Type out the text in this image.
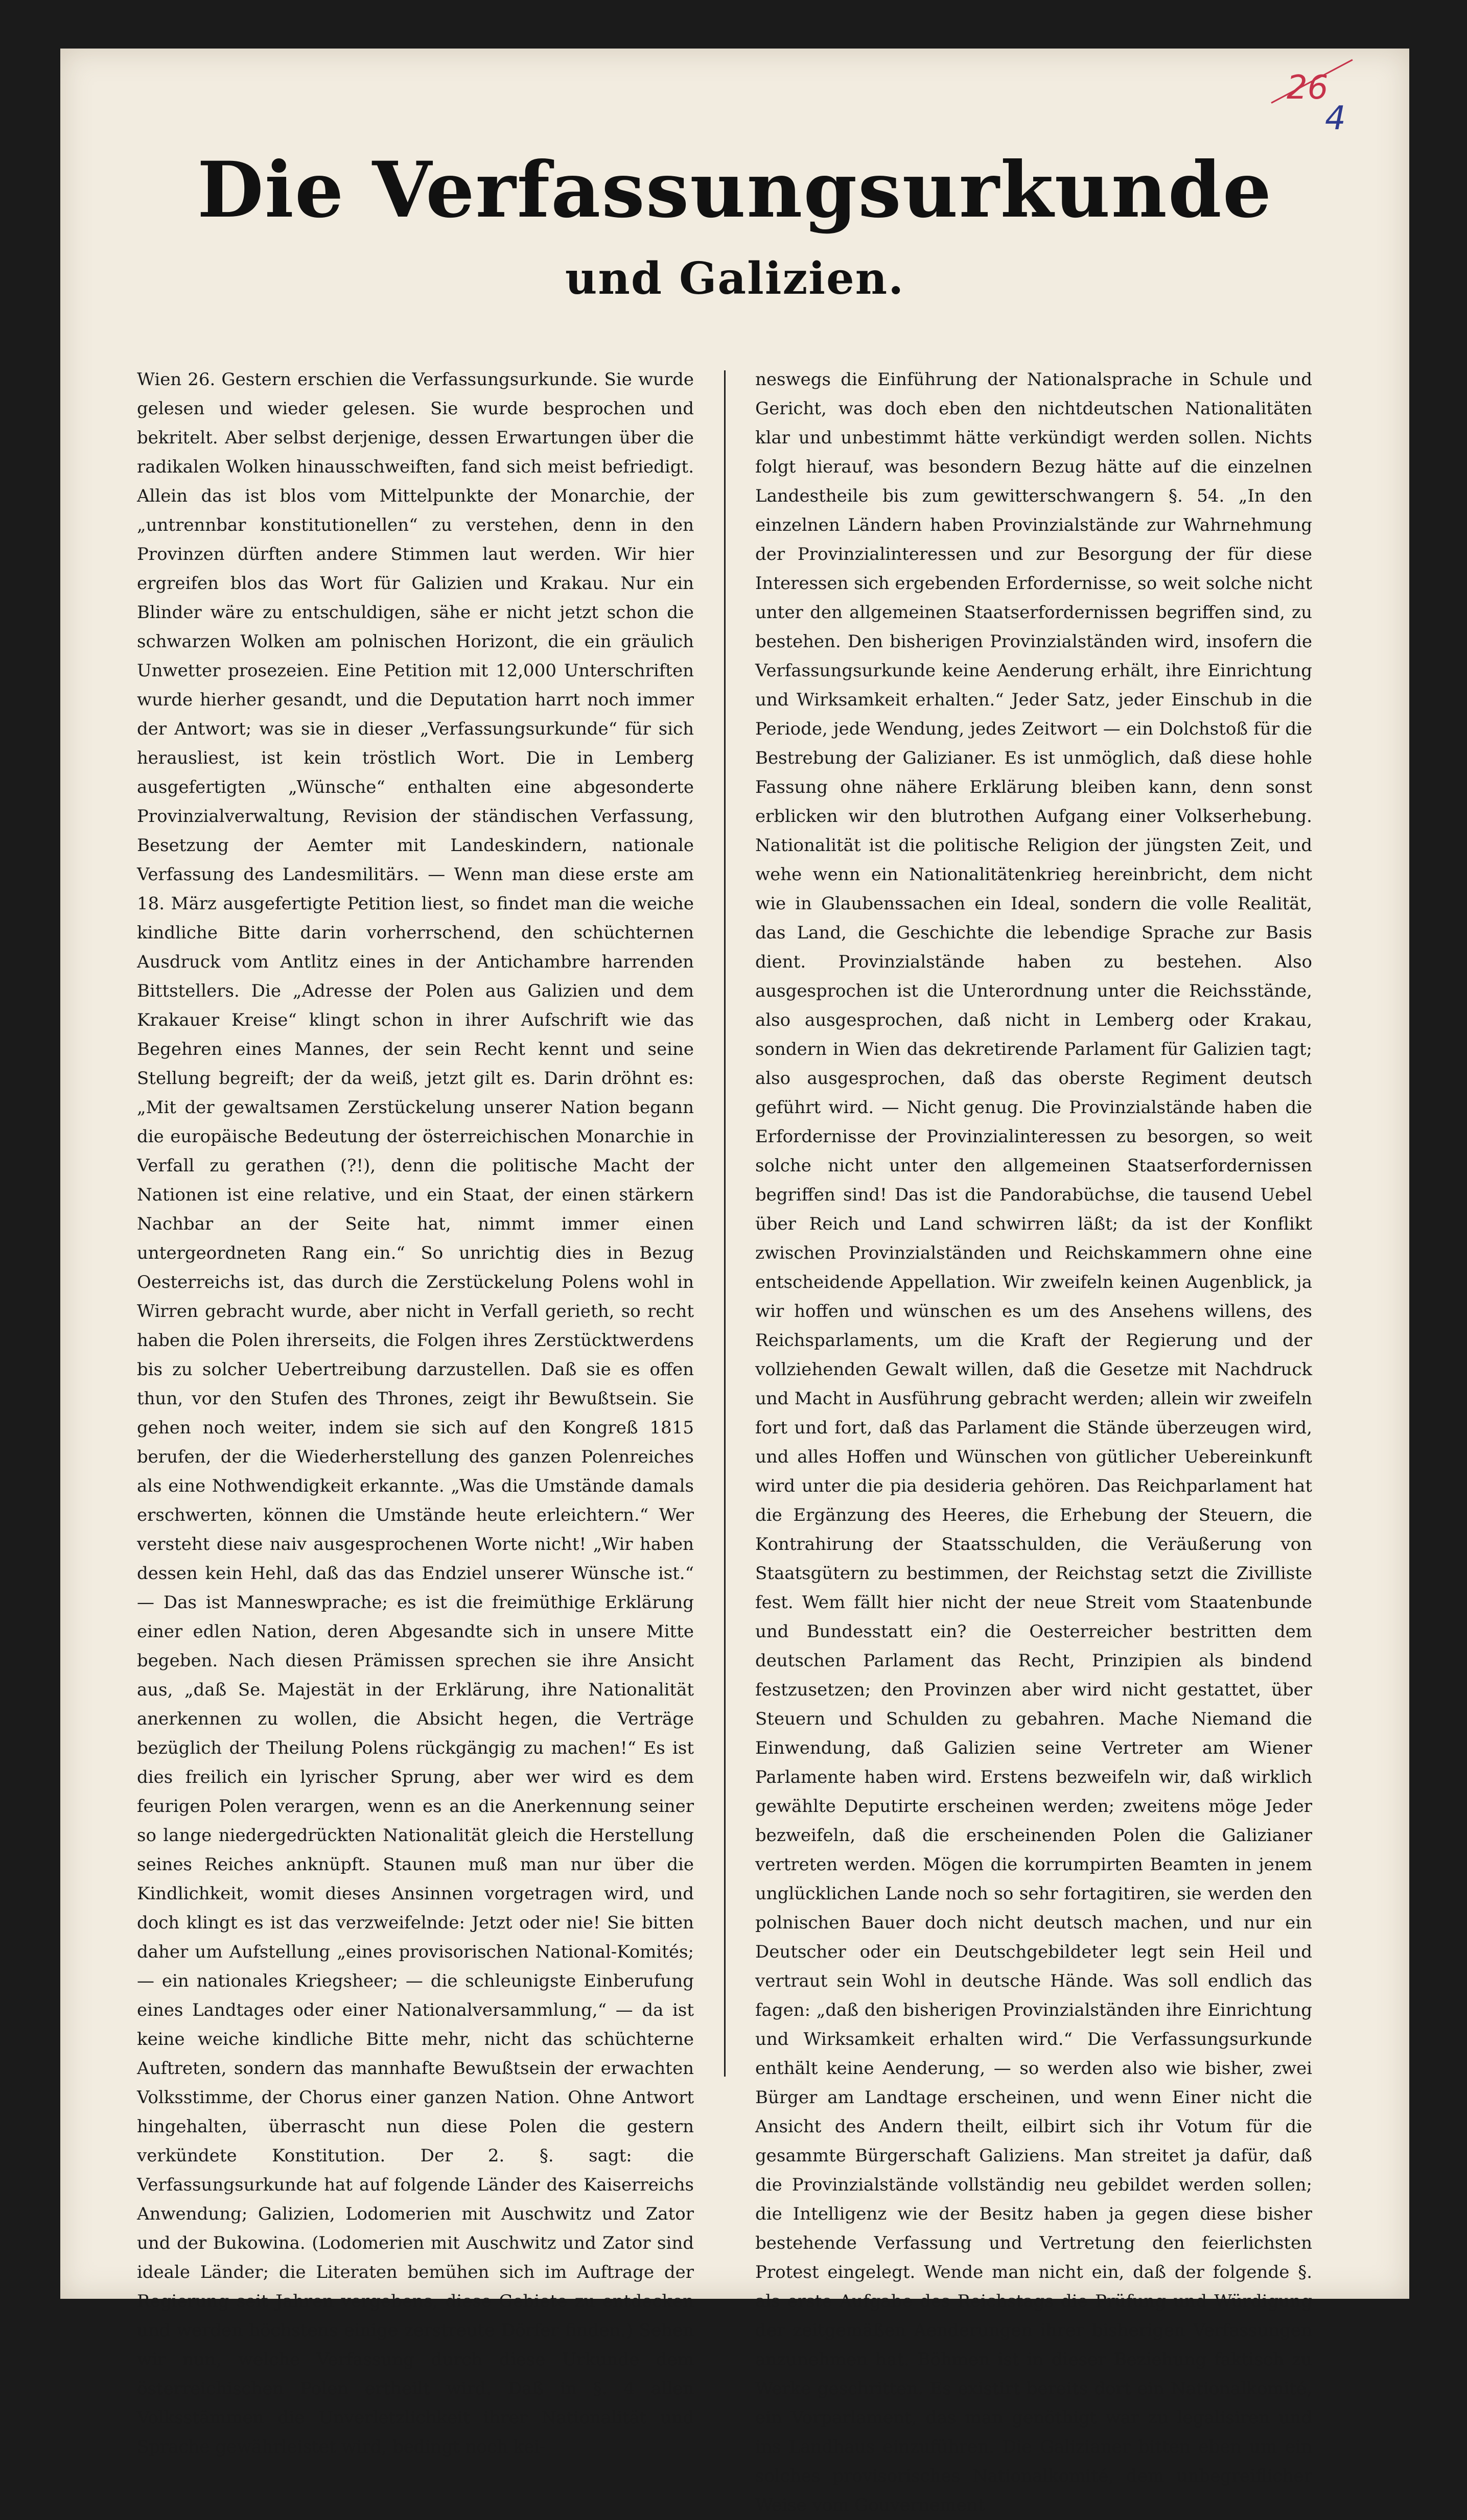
26
4
Die Verfassungsurkunde
und Galizien.
Wien 26. Gestern erschien die Verfassungsurkunde. Sie wurde gelesen und wieder gelesen. Sie wurde besprochen und bekritelt. Aber selbst derjenige, dessen Erwartungen über die radikalen Wolken hinausschweiften, fand sich meist befriedigt. Allein das ist blos vom Mittelpunkte der Monarchie, der „untrennbar konstitutionellen“ zu verstehen, denn in den Provinzen dürften andere Stimmen laut werden. Wir hier ergreifen blos das Wort für Galizien und Krakau. Nur ein Blinder wäre zu entschuldigen, sähe er nicht jetzt schon die schwarzen Wolken am polnischen Horizont, die ein gräulich Unwetter prosezeien. Eine Petition mit 12,000 Unterschriften wurde hierher gesandt, und die Deputation harrt noch immer der Antwort; was sie in dieser „Verfassungsurkunde“ für sich herausliest, ist kein tröstlich Wort. Die in Lemberg ausgefertigten „Wünsche“ enthalten eine abgesonderte Provinzialverwaltung, Revision der ständischen Verfassung, Besetzung der Aemter mit Landeskindern, nationale Verfassung des Landesmilitärs. — Wenn man diese erste am 18. März ausgefertigte Petition liest, so findet man die weiche kindliche Bitte darin vorherrschend, den schüchternen Ausdruck vom Antlitz eines in der Antichambre harrenden Bittstellers. Die „Adresse der Polen aus Galizien und dem Krakauer Kreise“ klingt schon in ihrer Aufschrift wie das Begehren eines Mannes, der sein Recht kennt und seine Stellung begreift; der da weiß, jetzt gilt es. Darin dröhnt es: „Mit der gewaltsamen Zerstückelung unserer Nation begann die europäische Bedeutung der österreichischen Monarchie in Verfall zu gerathen (?!), denn die politische Macht der Nationen ist eine relative, und ein Staat, der einen stärkern Nachbar an der Seite hat, nimmt immer einen untergeordneten Rang ein.“ So unrichtig dies in Bezug Oesterreichs ist, das durch die Zerstückelung Polens wohl in Wirren gebracht wurde, aber nicht in Verfall gerieth, so recht haben die Polen ihrerseits, die Folgen ihres Zerstücktwerdens bis zu solcher Uebertreibung darzustellen. Daß sie es offen thun, vor den Stufen des Thrones, zeigt ihr Bewußtsein. Sie gehen noch weiter, indem sie sich auf den Kongreß 1815 berufen, der die Wiederherstellung des ganzen Polenreiches als eine Nothwendigkeit erkannte. „Was die Umstände damals erschwerten, können die Umstände heute erleichtern.“ Wer versteht diese naiv ausgesprochenen Worte nicht! „Wir haben dessen kein Hehl, daß das das Endziel unserer Wünsche ist.“ — Das ist Manneswprache; es ist die freimüthige Erklärung einer edlen Nation, deren Abgesandte sich in unsere Mitte begeben. Nach diesen Prämissen sprechen sie ihre Ansicht aus, „daß Se. Majestät in der Erklärung, ihre Nationalität anerkennen zu wollen, die Absicht hegen, die Verträge bezüglich der Theilung Polens rückgängig zu machen!“ Es ist dies freilich ein lyrischer Sprung, aber wer wird es dem feurigen Polen verargen, wenn es an die Anerkennung seiner so lange niedergedrückten Nationalität gleich die Herstellung seines Reiches anknüpft. Staunen muß man nur über die Kindlichkeit, womit dieses Ansinnen vorgetragen wird, und doch klingt es ist das verzweifelnde: Jetzt oder nie! Sie bitten daher um Aufstellung „eines provisorischen National-Komités; — ein nationales Kriegsheer; — die schleunigste Einberufung eines Landtages oder einer Nationalversammlung,“ — da ist keine weiche kindliche Bitte mehr, nicht das schüchterne Auftreten, sondern das mannhafte Bewußtsein der erwachten Volksstimme, der Chorus einer ganzen Nation. Ohne Antwort hingehalten, überrascht nun diese Polen die gestern verkündete Konstitution. Der 2. §. sagt: die Verfassungsurkunde hat auf folgende Länder des Kaiserreichs Anwendung; Galizien, Lodomerien mit Auschwitz und Zator und der Bukowina. (Lodomerien mit Auschwitz und Zator sind ideale Länder; die Literaten bemühen sich im Auftrage der Regierung seit Jahren vergebens, diese Gebiete zu entdecken und werden höchstens einige zerstreute Dörfer finden.) Sehen wir nun, welche Verfassung durch diese Urkunde dem österreichischen Polen ertheilt wird. Daß in §. 4 allen Volksstämmen die Unverletzlichkeit ihrer Nationalität und Sprache gewährleistet wird, bedingt noch kei-
neswegs die Einführung der Nationalsprache in Schule und Gericht, was doch eben den nichtdeutschen Nationalitäten klar und unbestimmt hätte verkündigt werden sollen. Nichts folgt hierauf, was besondern Bezug hätte auf die einzelnen Landestheile bis zum gewitterschwangern §. 54. „In den einzelnen Ländern haben Provinzialstände zur Wahrnehmung der Provinzialinteressen und zur Besorgung der für diese Interessen sich ergebenden Erfordernisse, so weit solche nicht unter den allgemeinen Staatserfordernissen begriffen sind, zu bestehen. Den bisherigen Provinzialständen wird, insofern die Verfassungsurkunde keine Aenderung erhält, ihre Einrichtung und Wirksamkeit erhalten.“ Jeder Satz, jeder Einschub in die Periode, jede Wendung, jedes Zeitwort — ein Dolchstoß für die Bestrebung der Galizianer. Es ist unmöglich, daß diese hohle Fassung ohne nähere Erklärung bleiben kann, denn sonst erblicken wir den blutrothen Aufgang einer Volkserhebung. Nationalität ist die politische Religion der jüngsten Zeit, und wehe wenn ein Nationalitätenkrieg hereinbricht, dem nicht wie in Glaubenssachen ein Ideal, sondern die volle Realität, das Land, die Geschichte die lebendige Sprache zur Basis dient. Provinzialstände haben zu bestehen. Also ausgesprochen ist die Unterordnung unter die Reichsstände, also ausgesprochen, daß nicht in Lemberg oder Krakau, sondern in Wien das dekretirende Parlament für Galizien tagt; also ausgesprochen, daß das oberste Regiment deutsch geführt wird. — Nicht genug. Die Provinzialstände haben die Erfordernisse der Provinzialinteressen zu besorgen, so weit solche nicht unter den allgemeinen Staatserfordernissen begriffen sind! Das ist die Pandorabüchse, die tausend Uebel über Reich und Land schwirren läßt; da ist der Konflikt zwischen Provinzialständen und Reichskammern ohne eine entscheidende Appellation. Wir zweifeln keinen Augenblick, ja wir hoffen und wünschen es um des Ansehens willens, des Reichsparlaments, um die Kraft der Regierung und der vollziehenden Gewalt willen, daß die Gesetze mit Nachdruck und Macht in Ausführung gebracht werden; allein wir zweifeln fort und fort, daß das Parlament die Stände überzeugen wird, und alles Hoffen und Wünschen von gütlicher Uebereinkunft wird unter die pia desideria gehören. Das Reichparlament hat die Ergänzung des Heeres, die Erhebung der Steuern, die Kontrahirung der Staatsschulden, die Veräußerung von Staatsgütern zu bestimmen, der Reichstag setzt die Zivilliste fest. Wem fällt hier nicht der neue Streit vom Staatenbunde und Bundesstatt ein? die Oesterreicher bestritten dem deutschen Parlament das Recht, Prinzipien als bindend festzusetzen; den Provinzen aber wird nicht gestattet, über Steuern und Schulden zu gebahren. Mache Niemand die Einwendung, daß Galizien seine Vertreter am Wiener Parlamente haben wird. Erstens bezweifeln wir, daß wirklich gewählte Deputirte erscheinen werden; zweitens möge Jeder bezweifeln, daß die erscheinenden Polen die Galizianer vertreten werden. Mögen die korrumpirten Beamten in jenem unglücklichen Lande noch so sehr fortagitiren, sie werden den polnischen Bauer doch nicht deutsch machen, und nur ein Deutscher oder ein Deutschgebildeter legt sein Heil und vertraut sein Wohl in deutsche Hände. Was soll endlich das fagen: „daß den bisherigen Provinzialständen ihre Einrichtung und Wirksamkeit erhalten wird.“ Die Verfassungsurkunde enthält keine Aenderung, — so werden also wie bisher, zwei Bürger am Landtage erscheinen, und wenn Einer nicht die Ansicht des Andern theilt, eilbirt sich ihr Votum für die gesammte Bürgerschaft Galiziens. Man streitet ja dafür, daß die Provinzialstände vollständig neu gebildet werden sollen; die Intelligenz wie der Besitz haben ja gegen diese bisher bestehende Verfassung und Vertretung den feierlichsten Protest eingelegt. Wende man nicht ein, daß der folgende §. als erste Aufgabe des Reichstags die Prüfung und Würdigung der zeitgemäßen Aenderungen ihrer bisherigen Verfassungen anzunehmen hat. Böhmen ist in dieser Beziehung faktisch zu Werke geschritten. Es existirt bereits dort ein Nationalkomité, ein Vorparlament, das man genöthigt war zu legalisiren und ins Landhaus einzuführen. Die Galizianer bitten eben um ein solches provisorisches Nationalkomité, dem unbegreiflicher Weise vom Gouvernement
